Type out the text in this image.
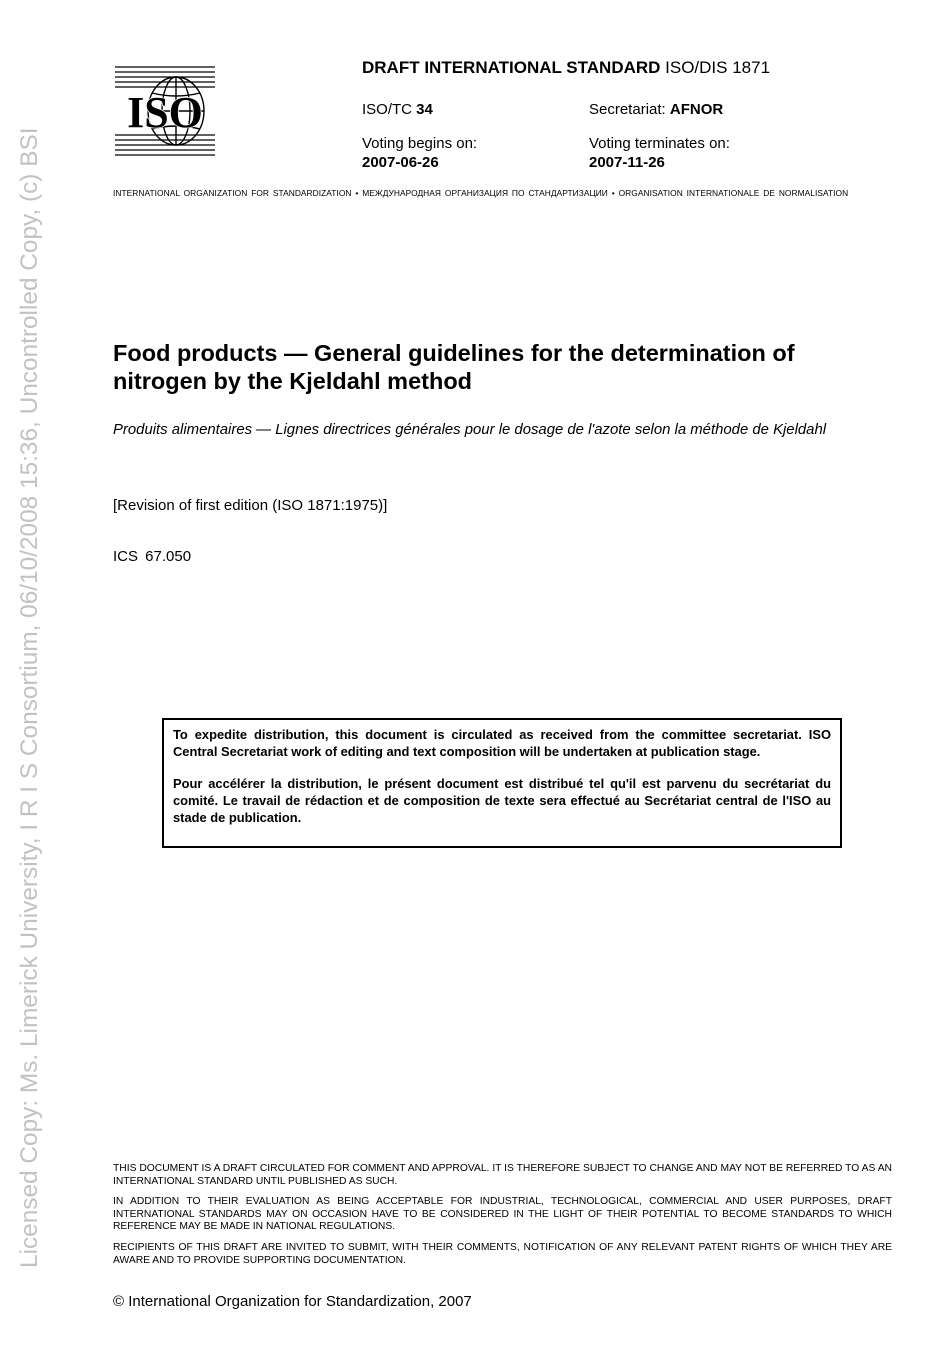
Licensed Copy: Ms. Limerick University, I R I S Consortium, 06/10/2008 15:36, Uncontrolled Copy, (c) BSI
ISO
DRAFT INTERNATIONAL STANDARD ISO/DIS 1871
ISO/TC 34	Secretariat: AFNOR
Voting begins on:
2007-06-26
Voting terminates on:
2007-11-26
INTERNATIONAL ORGANIZATION FOR STANDARDIZATION • МЕЖДУНАРОДНАЯ ОРГАНИЗАЦИЯ ПО СТАНДАРТИЗАЦИИ • ORGANISATION INTERNATIONALE DE NORMALISATION
Food products — General guidelines for the determination of nitrogen by the Kjeldahl method
Produits alimentaires — Lignes directrices générales pour le dosage de l'azote selon la méthode de Kjeldahl
[Revision of first edition (ISO 1871:1975)]
ICS 67.050

To expedite distribution, this document is circulated as received from the committee secretariat. ISO Central Secretariat work of editing and text composition will be undertaken at publication stage.

Pour accélérer la distribution, le présent document est distribué tel qu'il est parvenu du secrétariat du comité. Le travail de rédaction et de composition de texte sera effectué au Secrétariat central de l'ISO au stade de publication.

THIS DOCUMENT IS A DRAFT CIRCULATED FOR COMMENT AND APPROVAL. IT IS THEREFORE SUBJECT TO CHANGE AND MAY NOT BE REFERRED TO AS AN INTERNATIONAL STANDARD UNTIL PUBLISHED AS SUCH.
IN ADDITION TO THEIR EVALUATION AS BEING ACCEPTABLE FOR INDUSTRIAL, TECHNOLOGICAL, COMMERCIAL AND USER PURPOSES, DRAFT INTERNATIONAL STANDARDS MAY ON OCCASION HAVE TO BE CONSIDERED IN THE LIGHT OF THEIR POTENTIAL TO BECOME STANDARDS TO WHICH REFERENCE MAY BE MADE IN NATIONAL REGULATIONS.
RECIPIENTS OF THIS DRAFT ARE INVITED TO SUBMIT, WITH THEIR COMMENTS, NOTIFICATION OF ANY RELEVANT PATENT RIGHTS OF WHICH THEY ARE AWARE AND TO PROVIDE SUPPORTING DOCUMENTATION.
© International Organization for Standardization, 2007
